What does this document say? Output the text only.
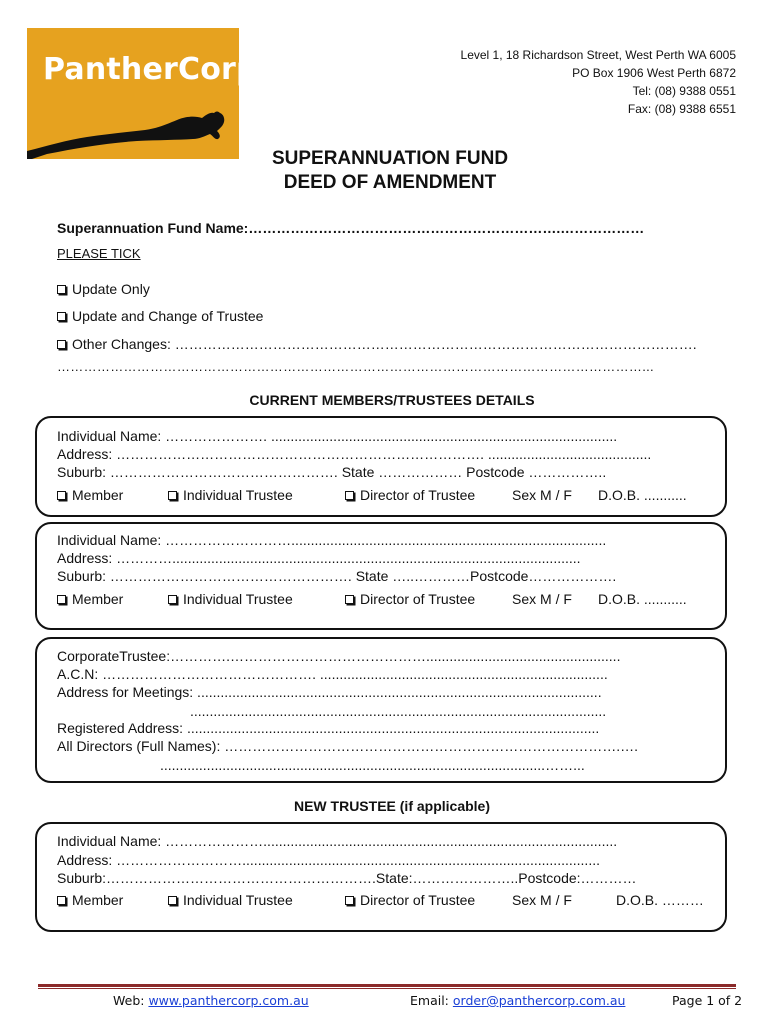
PantherCorp	Level 1, 18 Richardson Street, West Perth WA 6005
PO Box 1906 West Perth 6872
Tel: (08) 9388 0551
Fax: (08) 9388 6551
SUPERANNUATION FUND
DEED OF AMENDMENT
Superannuation Fund Name:………………………………………………………….………………
PLEASE TICK
Update Only
Update and Change of Trustee
Other Changes: ………………………………………………………………………………………………….
……………………………………………………………………………………………………………………...
CURRENT MEMBERS/TRUSTEES DETAILS
Individual Name: …………………. .........................................................................................
Address: ……………………………………………………………………. ..........................................
Suburb: …………………………………………. State ……………… Postcode ……………..
Member	Individual Trustee	Director of Trustee	Sex M / F D.O.B. ...........
Individual Name: ……………………….................................................................................
Address: ………….........................................................................................................
Suburb: ……………………………………………. State …..…………Postcode……………….
Member	Individual Trustee	Director of Trustee	Sex M / F D.O.B. ...........
CorporateTrustee:………….……………………………………..................................................
A.C.N: ………………………………………. ..........................................................................
Address for Meetings: ........................................................................................................
...........................................................................................................
Registered Address: ..........................................................................................................
All Directors (Full Names): ………………………………………………………………………….….
...................................................................................................……...
NEW TRUSTEE (if applicable)
Individual Name: …………………...........................................................................................
Address: ………………………............................................................................................
Suburb:………………………………………………….State:…………………..Postcode:…………
Member	Individual Trustee	Director of Trustee	Sex M / F	D.O.B. ………
Web: www.panthercorp.com.au	Email: order@panthercorp.com.au	Page 1 of 2
